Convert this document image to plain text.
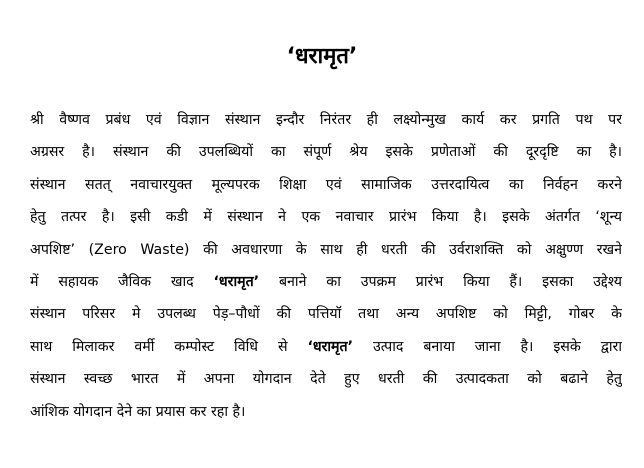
‘धरामृत’
श्री वैष्णव प्रबंध एवं विज्ञान संस्थान इन्दौर निरंतर ही लक्ष्योन्मुख कार्य कर प्रगति पथ पर
अग्रसर है। संस्थान की उपलब्धियों का संपूर्ण श्रेय इसके प्रणेताओं की दूरदृष्टि का है।
संस्थान सतत् नवाचारयुक्त मूल्यपरक शिक्षा एवं सामाजिक उत्तरदायित्व का निर्वहन करने
हेतु तत्पर है। इसी कडी में संस्थान ने एक नवाचार प्रारंभ किया है। इसके अंतर्गत ‘शून्य
अपशिष्ट’ (Zero Waste) की अवधारणा के साथ ही धरती की उर्वराशक्ति को अक्षुण्ण रखने
में सहायक जैविक खाद ‘धरामृत’ बनाने का उपक्रम प्रारंभ किया हैं। इसका उद्देश्य
संस्थान परिसर मे उपलब्ध पेड़–पौधों की पत्तियॉ तथा अन्य अपशिष्ट को मिट्टी, गोबर के
साथ मिलाकर वर्मी कम्पोस्ट विधि से ‘धरामृत’ उत्पाद बनाया जाना है। इसके द्वारा
संस्थान स्वच्छ भारत में अपना योगदान देते हुए धरती की उत्पादकता को बढाने हेतु
आंशिक योगदान देने का प्रयास कर रहा है।
